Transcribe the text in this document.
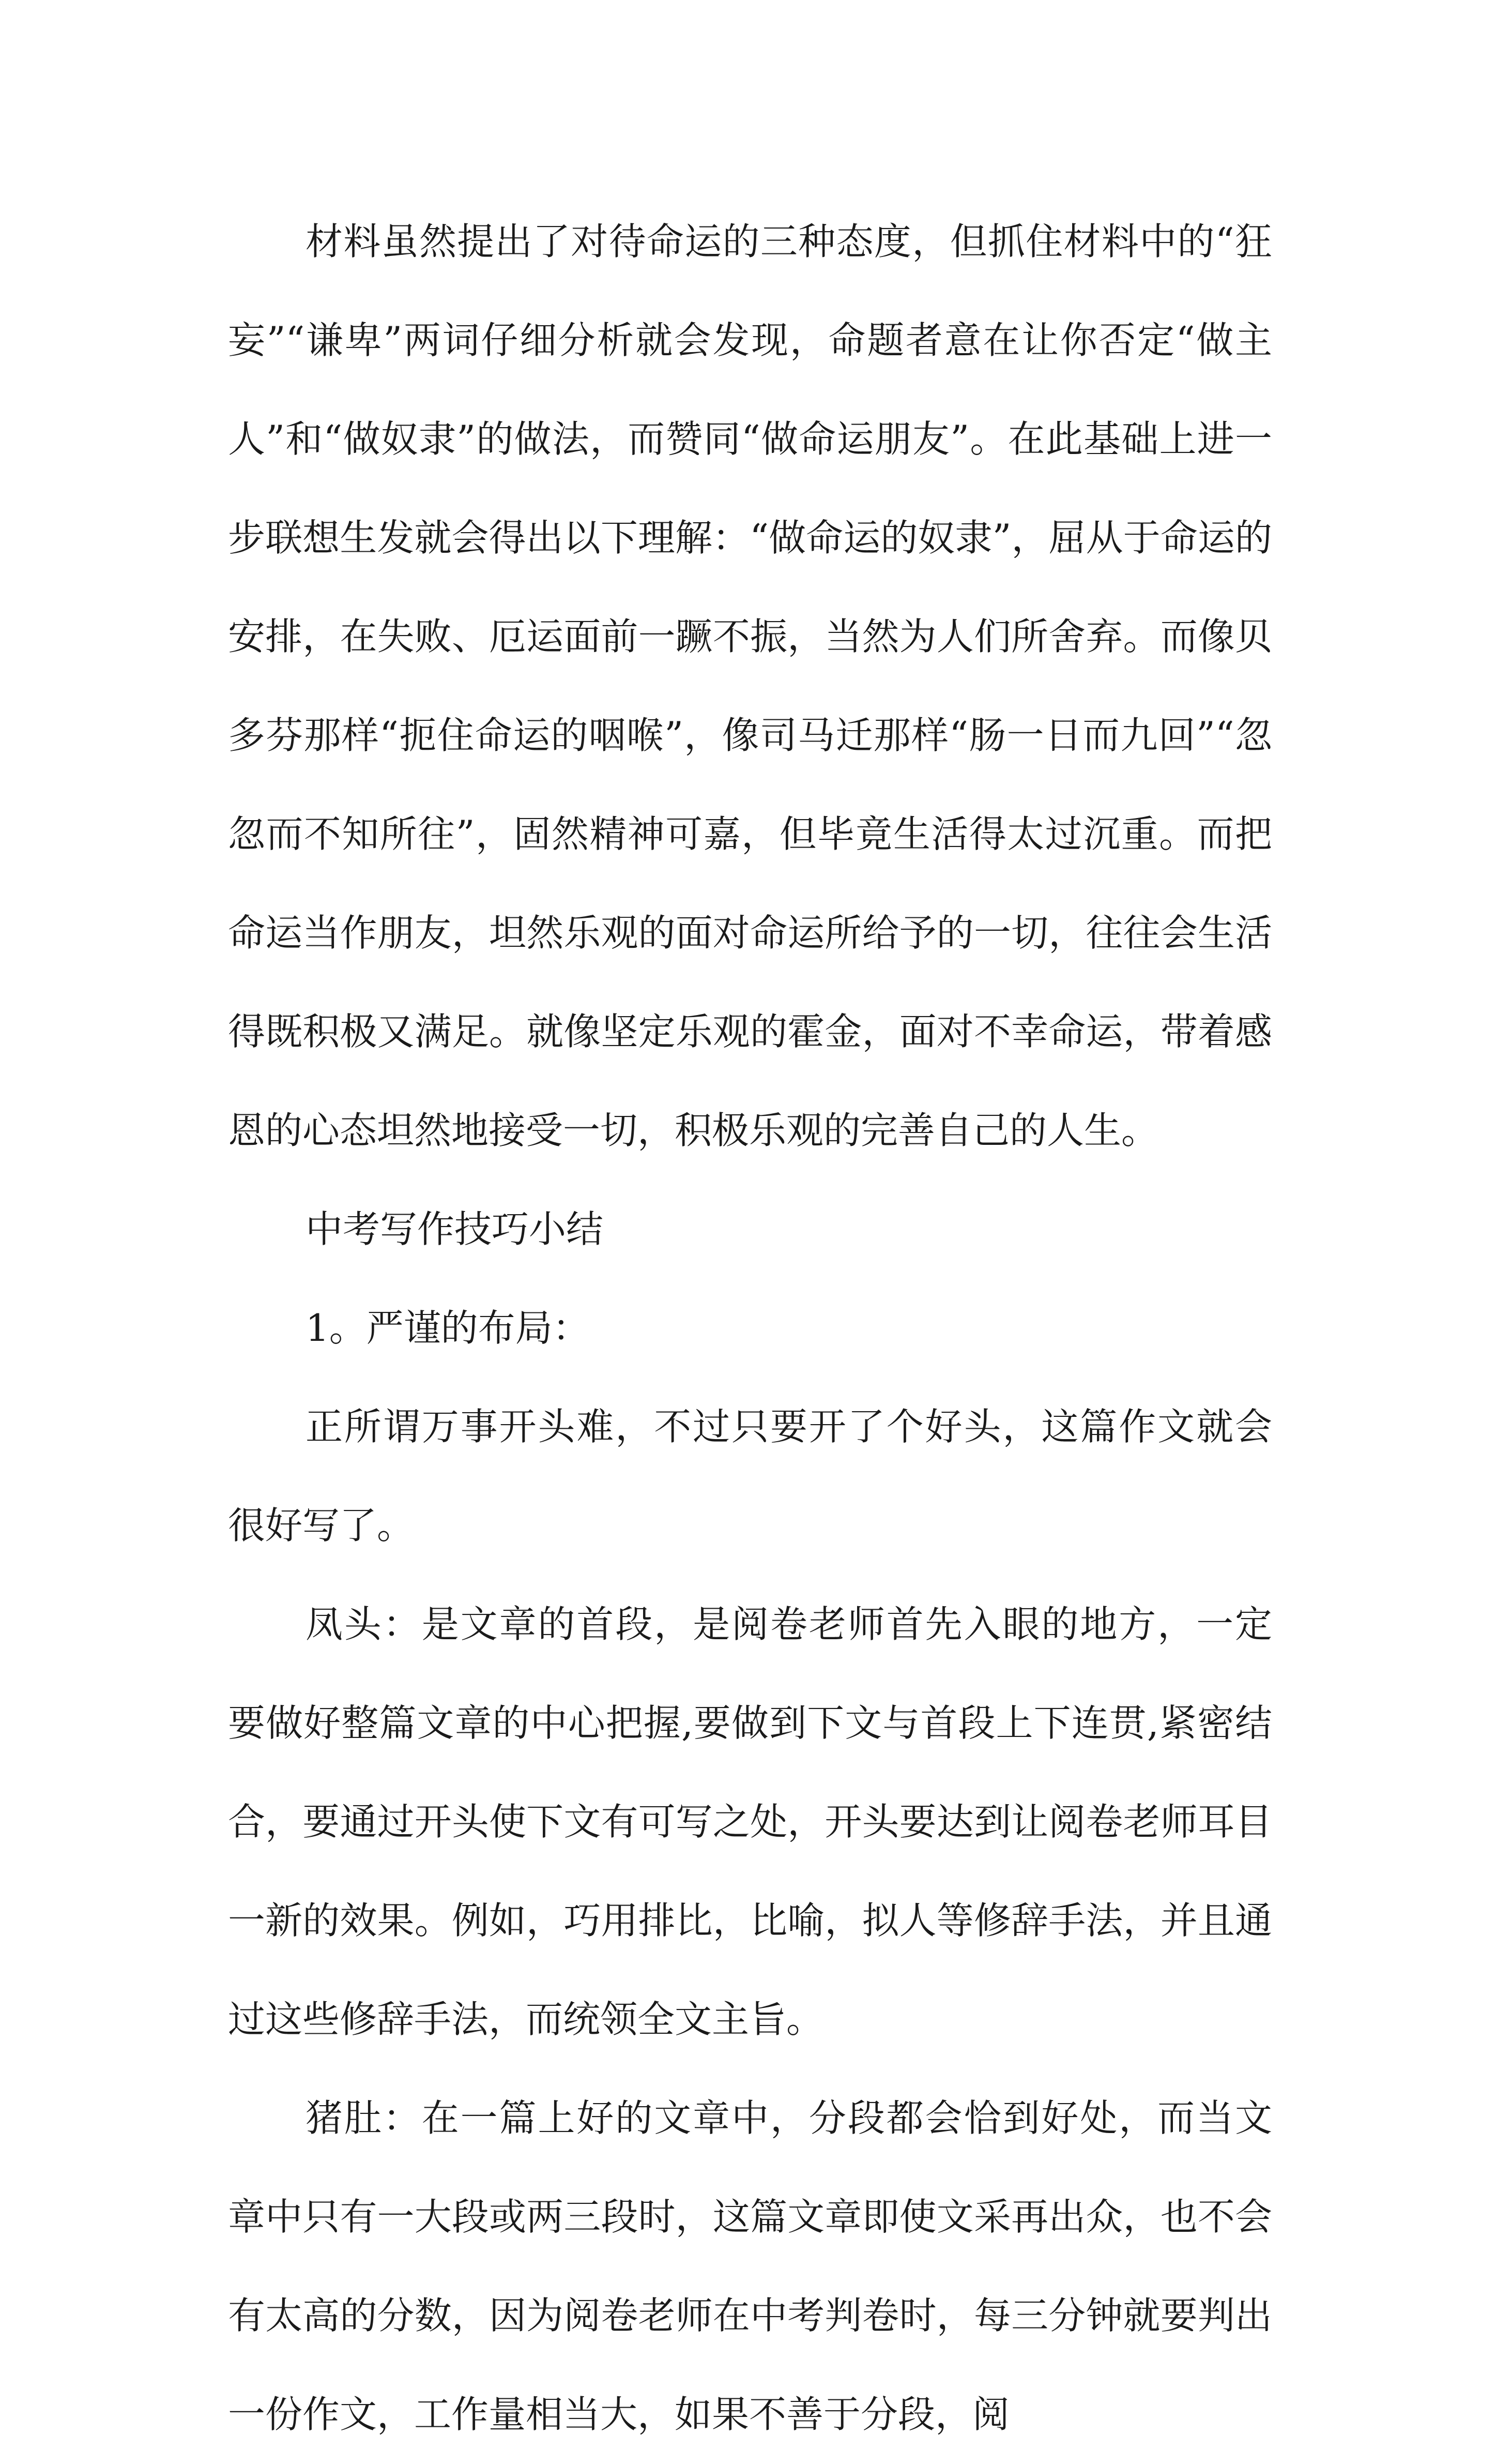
材料虽然提出了对待命运的三种态度，但抓住材料中的“狂妄”“谦卑”两词仔细分析就会发现，命题者意在让你否定“做主人”和“做奴隶”的做法，而赞同“做命运朋友”。在此基础上进一步联想生发就会得出以下理解：“做命运的奴隶”，屈从于命运的安排，在失败、厄运面前一蹶不振，当然为人们所舍弃。而像贝多芬那样“扼住命运的咽喉”，像司马迁那样“肠一日而九回”“忽忽而不知所往”，固然精神可嘉，但毕竟生活得太过沉重。而把命运当作朋友，坦然乐观的面对命运所给予的一切，往往会生活得既积极又满足。就像坚定乐观的霍金，面对不幸命运，带着感恩的心态坦然地接受一切，积极乐观的完善自己的人生。

中考写作技巧小结

1。严谨的布局：

正所谓万事开头难，不过只要开了个好头，这篇作文就会很好写了。

凤头：是文章的首段，是阅卷老师首先入眼的地方，一定要做好整篇文章的中心把握,要做到下文与首段上下连贯,紧密结合，要通过开头使下文有可写之处，开头要达到让阅卷老师耳目一新的效果。例如，巧用排比，比喻，拟人等修辞手法，并且通过这些修辞手法，而统领全文主旨。

猪肚：在一篇上好的文章中，分段都会恰到好处，而当文章中只有一大段或两三段时，这篇文章即使文采再出众，也不会有太高的分数，因为阅卷老师在中考判卷时，每三分钟就要判出一份作文，工作量相当大，如果不善于分段，阅
